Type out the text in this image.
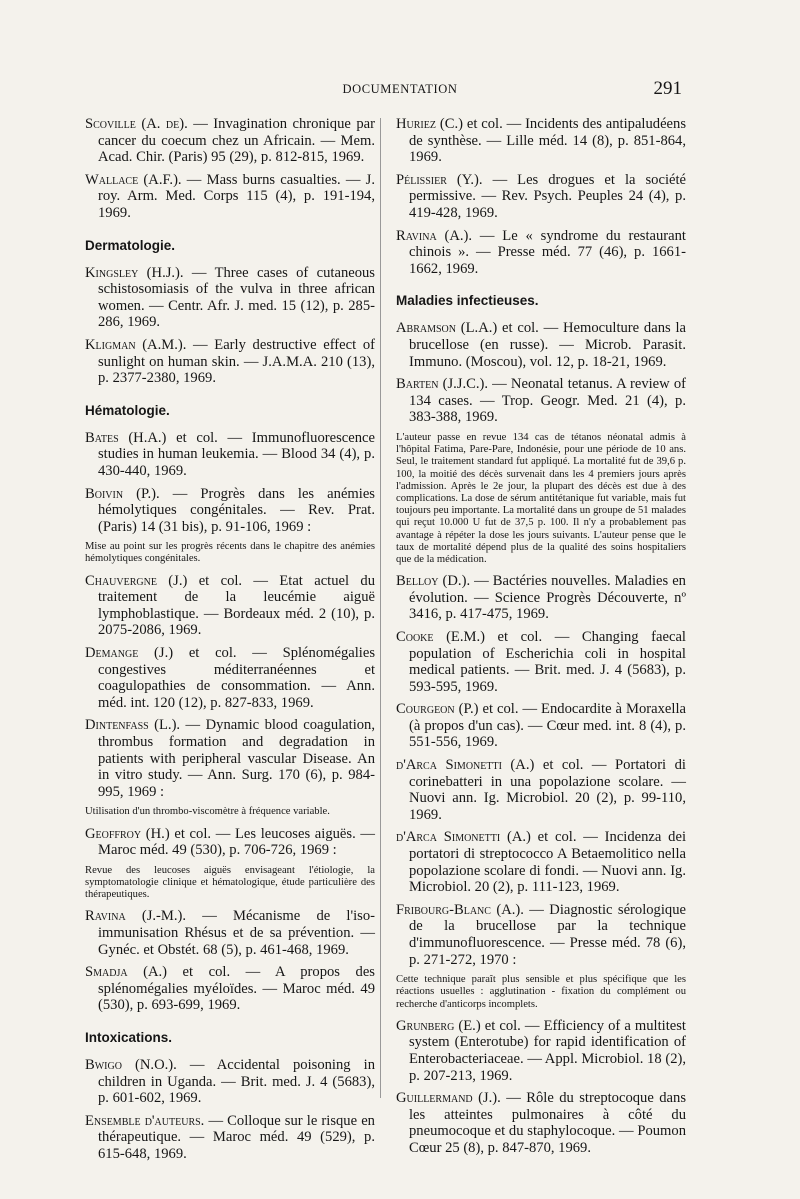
DOCUMENTATION	291
Scoville (A. de). — Invagination chronique par cancer du coecum chez un Africain. — Mem. Acad. Chir. (Paris) 95 (29), p. 812-815, 1969.
Wallace (A.F.). — Mass burns casualties. — J. roy. Arm. Med. Corps 115 (4), p. 191-194, 1969.
Dermatologie.
Kingsley (H.J.). — Three cases of cutaneous schistosomiasis of the vulva in three african women. — Centr. Afr. J. med. 15 (12), p. 285-286, 1969.
Kligman (A.M.). — Early destructive effect of sunlight on human skin. — J.A.M.A. 210 (13), p. 2377-2380, 1969.
Hématologie.
Bates (H.A.) et col. — Immunofluorescence studies in human leukemia. — Blood 34 (4), p. 430-440, 1969.
Boivin (P.). — Progrès dans les anémies hémolytiques congénitales. — Rev. Prat. (Paris) 14 (31 bis), p. 91-106, 1969 :
Mise au point sur les progrès récents dans le chapitre des anémies hémolytiques congénitales.
Chauvergne (J.) et col. — Etat actuel du traitement de la leucémie aiguë lymphoblastique. — Bordeaux méd. 2 (10), p. 2075-2086, 1969.
Demange (J.) et col. — Splénomégalies congestives méditerranéennes et coagulopathies de consommation. — Ann. méd. int. 120 (12), p. 827-833, 1969.
Dintenfass (L.). — Dynamic blood coagulation, thrombus formation and degradation in patients with peripheral vascular Disease. An in vitro study. — Ann. Surg. 170 (6), p. 984-995, 1969 :
Utilisation d'un thrombo-viscomètre à fréquence variable.
Geoffroy (H.) et col. — Les leucoses aiguës. — Maroc méd. 49 (530), p. 706-726, 1969 :
Revue des leucoses aiguës envisageant l'étiologie, la symptomatologie clinique et hématologique, étude particulière des thérapeutiques.
Ravina (J.-M.). — Mécanisme de l'iso-immunisation Rhésus et de sa prévention. — Gynéc. et Obstét. 68 (5), p. 461-468, 1969.
Smadja (A.) et col. — A propos des splénomégalies myéloïdes. — Maroc méd. 49 (530), p. 693-699, 1969.
Intoxications.
Bwigo (N.O.). — Accidental poisoning in children in Uganda. — Brit. med. J. 4 (5683), p. 601-602, 1969.
Ensemble d'auteurs. — Colloque sur le risque en thérapeutique. — Maroc méd. 49 (529), p. 615-648, 1969.
Huriez (C.) et col. — Incidents des antipaludéens de synthèse. — Lille méd. 14 (8), p. 851-864, 1969.
Pélissier (Y.). — Les drogues et la société permissive. — Rev. Psych. Peuples 24 (4), p. 419-428, 1969.
Ravina (A.). — Le « syndrome du restaurant chinois ». — Presse méd. 77 (46), p. 1661-1662, 1969.
Maladies infectieuses.
Abramson (L.A.) et col. — Hemoculture dans la brucellose (en russe). — Microb. Parasit. Immuno. (Moscou), vol. 12, p. 18-21, 1969.
Barten (J.J.C.). — Neonatal tetanus. A review of 134 cases. — Trop. Geogr. Med. 21 (4), p. 383-388, 1969.
L'auteur passe en revue 134 cas de tétanos néonatal admis à l'hôpital Fatima, Pare-Pare, Indonésie, pour une période de 10 ans. Seul, le traitement standard fut appliqué. La mortalité fut de 39,6 p. 100, la moitié des décès survenait dans les 4 premiers jours après l'admission. Après le 2e jour, la plupart des décès est due à des complications. La dose de sérum antitétanique fut variable, mais fut toujours peu importante. La mortalité dans un groupe de 51 malades qui reçut 10.000 U fut de 37,5 p. 100. Il n'y a probablement pas avantage à répéter la dose les jours suivants. L'auteur pense que le taux de mortalité dépend plus de la qualité des soins hospitaliers que de la médication.
Belloy (D.). — Bactéries nouvelles. Maladies en évolution. — Science Progrès Découverte, nº 3416, p. 417-475, 1969.
Cooke (E.M.) et col. — Changing faecal population of Escherichia coli in hospital medical patients. — Brit. med. J. 4 (5683), p. 593-595, 1969.
Courgeon (P.) et col. — Endocardite à Moraxella (à propos d'un cas). — Cœur med. int. 8 (4), p. 551-556, 1969.
d'Arca Simonetti (A.) et col. — Portatori di corinebatteri in una popolazione scolare. — Nuovi ann. Ig. Microbiol. 20 (2), p. 99-110, 1969.
d'Arca Simonetti (A.) et col. — Incidenza dei portatori di streptococco A Betaemolitico nella popolazione scolare di fondi. — Nuovi ann. Ig. Microbiol. 20 (2), p. 111-123, 1969.
Fribourg-Blanc (A.). — Diagnostic sérologique de la brucellose par la technique d'immunofluorescence. — Presse méd. 78 (6), p. 271-272, 1970 :
Cette technique paraît plus sensible et plus spécifique que les réactions usuelles : agglutination - fixation du complément ou recherche d'anticorps incomplets.
Grunberg (E.) et col. — Efficiency of a multitest system (Enterotube) for rapid identification of Enterobacteriaceae. — Appl. Microbiol. 18 (2), p. 207-213, 1969.
Guillermand (J.). — Rôle du streptocoque dans les atteintes pulmonaires à côté du pneumocoque et du staphylocoque. — Poumon Cœur 25 (8), p. 847-870, 1969.
